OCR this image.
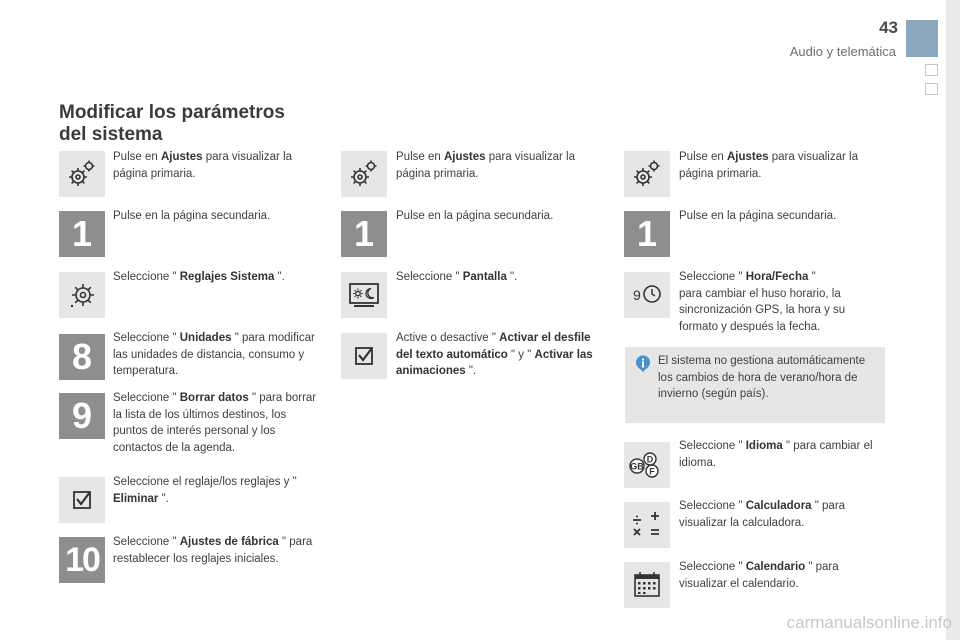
43
Audio y telemática
Modificar los parámetros
del sistema
Pulse en Ajustes para visualizar la página primaria.
1	Pulse en la página secundaria.
Seleccione " Reglajes Sistema ".
8	Seleccione " Unidades " para modificar las unidades de distancia, consumo y temperatura.
9	Seleccione " Borrar datos " para borrar la lista de los últimos destinos, los puntos de interés personal y los contactos de la agenda.
Seleccione el reglaje/los reglajes y " Eliminar ".
10	Seleccione " Ajustes de fábrica " para restablecer los reglajes iniciales.
Pulse en Ajustes para visualizar la página primaria.
1	Pulse en la página secundaria.
Seleccione " Pantalla ".
Active o desactive " Activar el desfile del texto automático " y " Activar las animaciones ".
Pulse en Ajustes para visualizar la página primaria.
1	Pulse en la página secundaria.
9
Seleccione " Hora/Fecha "
para cambiar el huso horario, la sincronización GPS, la hora y su formato y después la fecha.
El sistema no gestiona automáticamente los cambios de hora de verano/hora de invierno (según país).
GB
D
F
Seleccione " Idioma " para cambiar el idioma.
Seleccione " Calculadora " para visualizar la calculadora.
Seleccione " Calendario " para visualizar el calendario.
carmanualsonline.info
